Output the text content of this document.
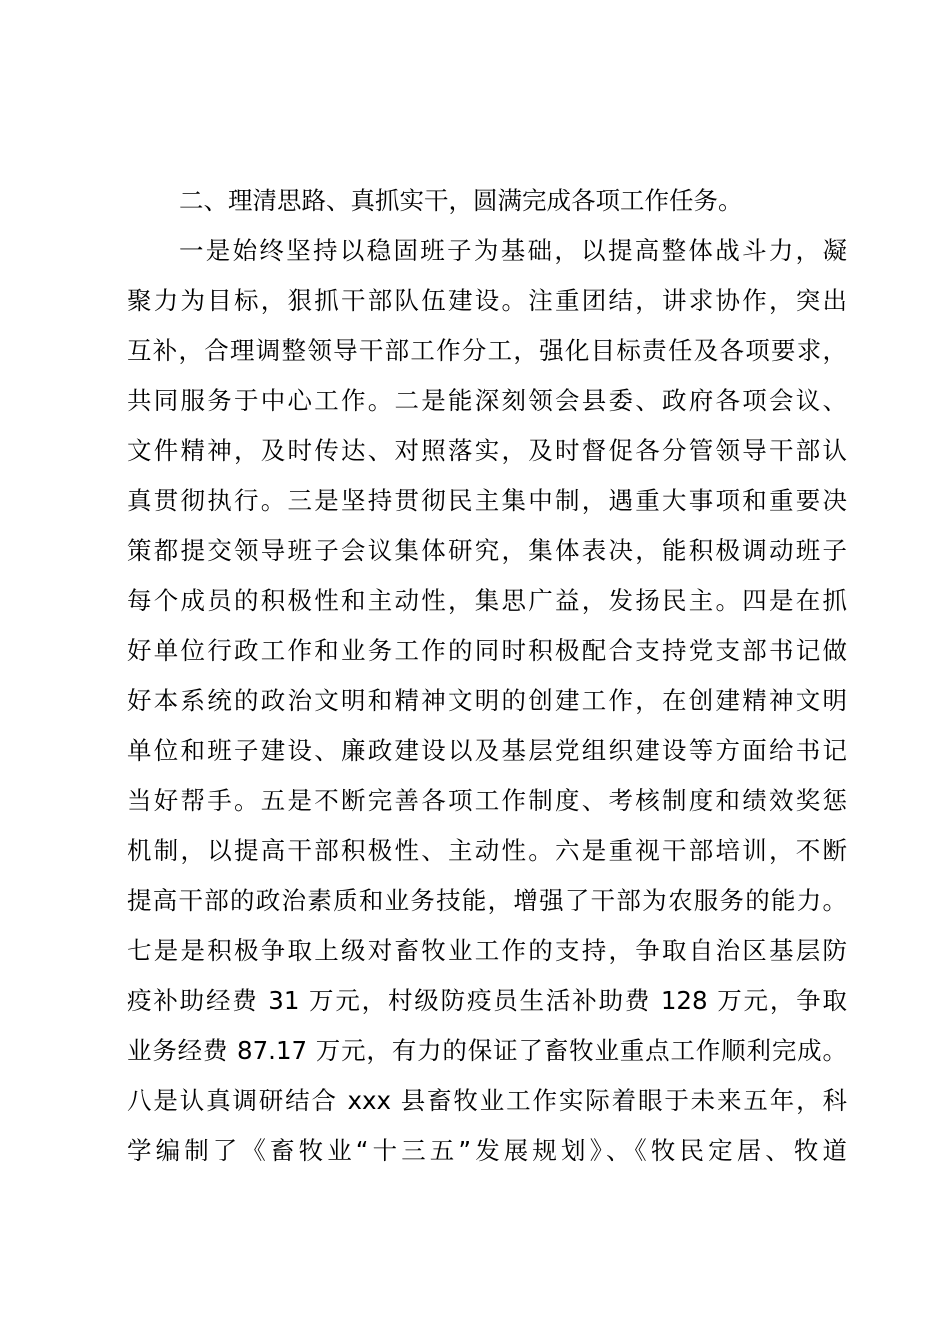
二、理清思路、真抓实干，圆满完成各项工作任务。
一是始终坚持以稳固班子为基础，以提高整体战斗力，凝
聚力为目标，狠抓干部队伍建设。注重团结，讲求协作，突出
互补，合理调整领导干部工作分工，强化目标责任及各项要求，
共同服务于中心工作。二是能深刻领会县委、政府各项会议、
文件精神，及时传达、对照落实，及时督促各分管领导干部认
真贯彻执行。三是坚持贯彻民主集中制，遇重大事项和重要决
策都提交领导班子会议集体研究，集体表决，能积极调动班子
每个成员的积极性和主动性，集思广益，发扬民主。四是在抓
好单位行政工作和业务工作的同时积极配合支持党支部书记做
好本系统的政治文明和精神文明的创建工作，在创建精神文明
单位和班子建设、廉政建设以及基层党组织建设等方面给书记
当好帮手。五是不断完善各项工作制度、考核制度和绩效奖惩
机制，以提高干部积极性、主动性。六是重视干部培训，不断
提高干部的政治素质和业务技能，增强了干部为农服务的能力。
七是是积极争取上级对畜牧业工作的支持，争取自治区基层防
疫补助经费 31 万元，村级防疫员生活补助费 128 万元，争取
业务经费 87.17 万元，有力的保证了畜牧业重点工作顺利完成。
八是认真调研结合 xxx 县畜牧业工作实际着眼于未来五年，科
学编制了《畜牧业“十三五”发展规划》、《牧民定居、牧道
